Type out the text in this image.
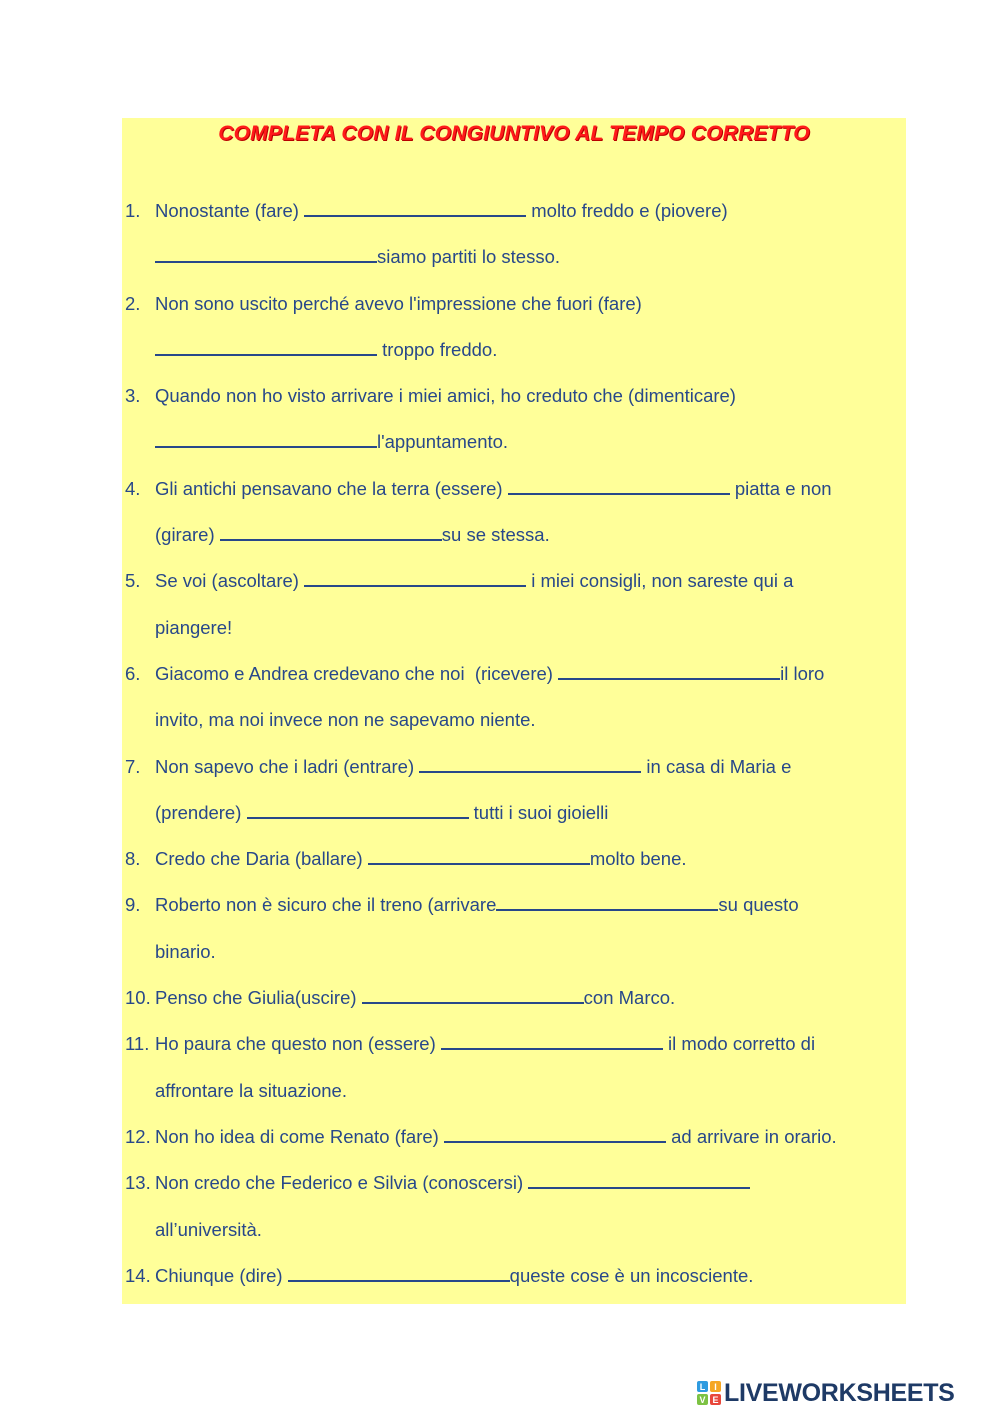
COMPLETA CON IL CONGIUNTIVO AL TEMPO CORRETTO
1. Nonostante (fare)	molto freddo e (piovere)
siamo partiti lo stesso.
2. Non sono uscito perché avevo l'impressione che fuori (fare)
troppo freddo.
3. Quando non ho visto arrivare i miei amici, ho creduto che (dimenticare)
l'appuntamento.
4. Gli antichi pensavano che la terra (essere)	piatta e non
(girare)	su se stessa.
5. Se voi (ascoltare)	i miei consigli, non sareste qui a
piangere!
6. Giacomo e Andrea credevano che noi  (ricevere)	il loro
invito, ma noi invece non ne sapevamo niente.
7. Non sapevo che i ladri (entrare)	in casa di Maria e
(prendere)	tutti i suoi gioielli
8. Credo che Daria (ballare)	molto bene.
9. Roberto non è sicuro che il treno (arrivare	su questo
binario.
10. Penso che Giulia(uscire)	con Marco.
11. Ho paura che questo non (essere)	il modo corretto di
affrontare la situazione.
12. Non ho idea di come Renato (fare)	ad arrivare in orario.
13. Non credo che Federico e Silvia (conoscersi)
all’università.
14. Chiunque (dire)	queste cose è un incosciente.
L I
V E LIVEWORKSHEETS
